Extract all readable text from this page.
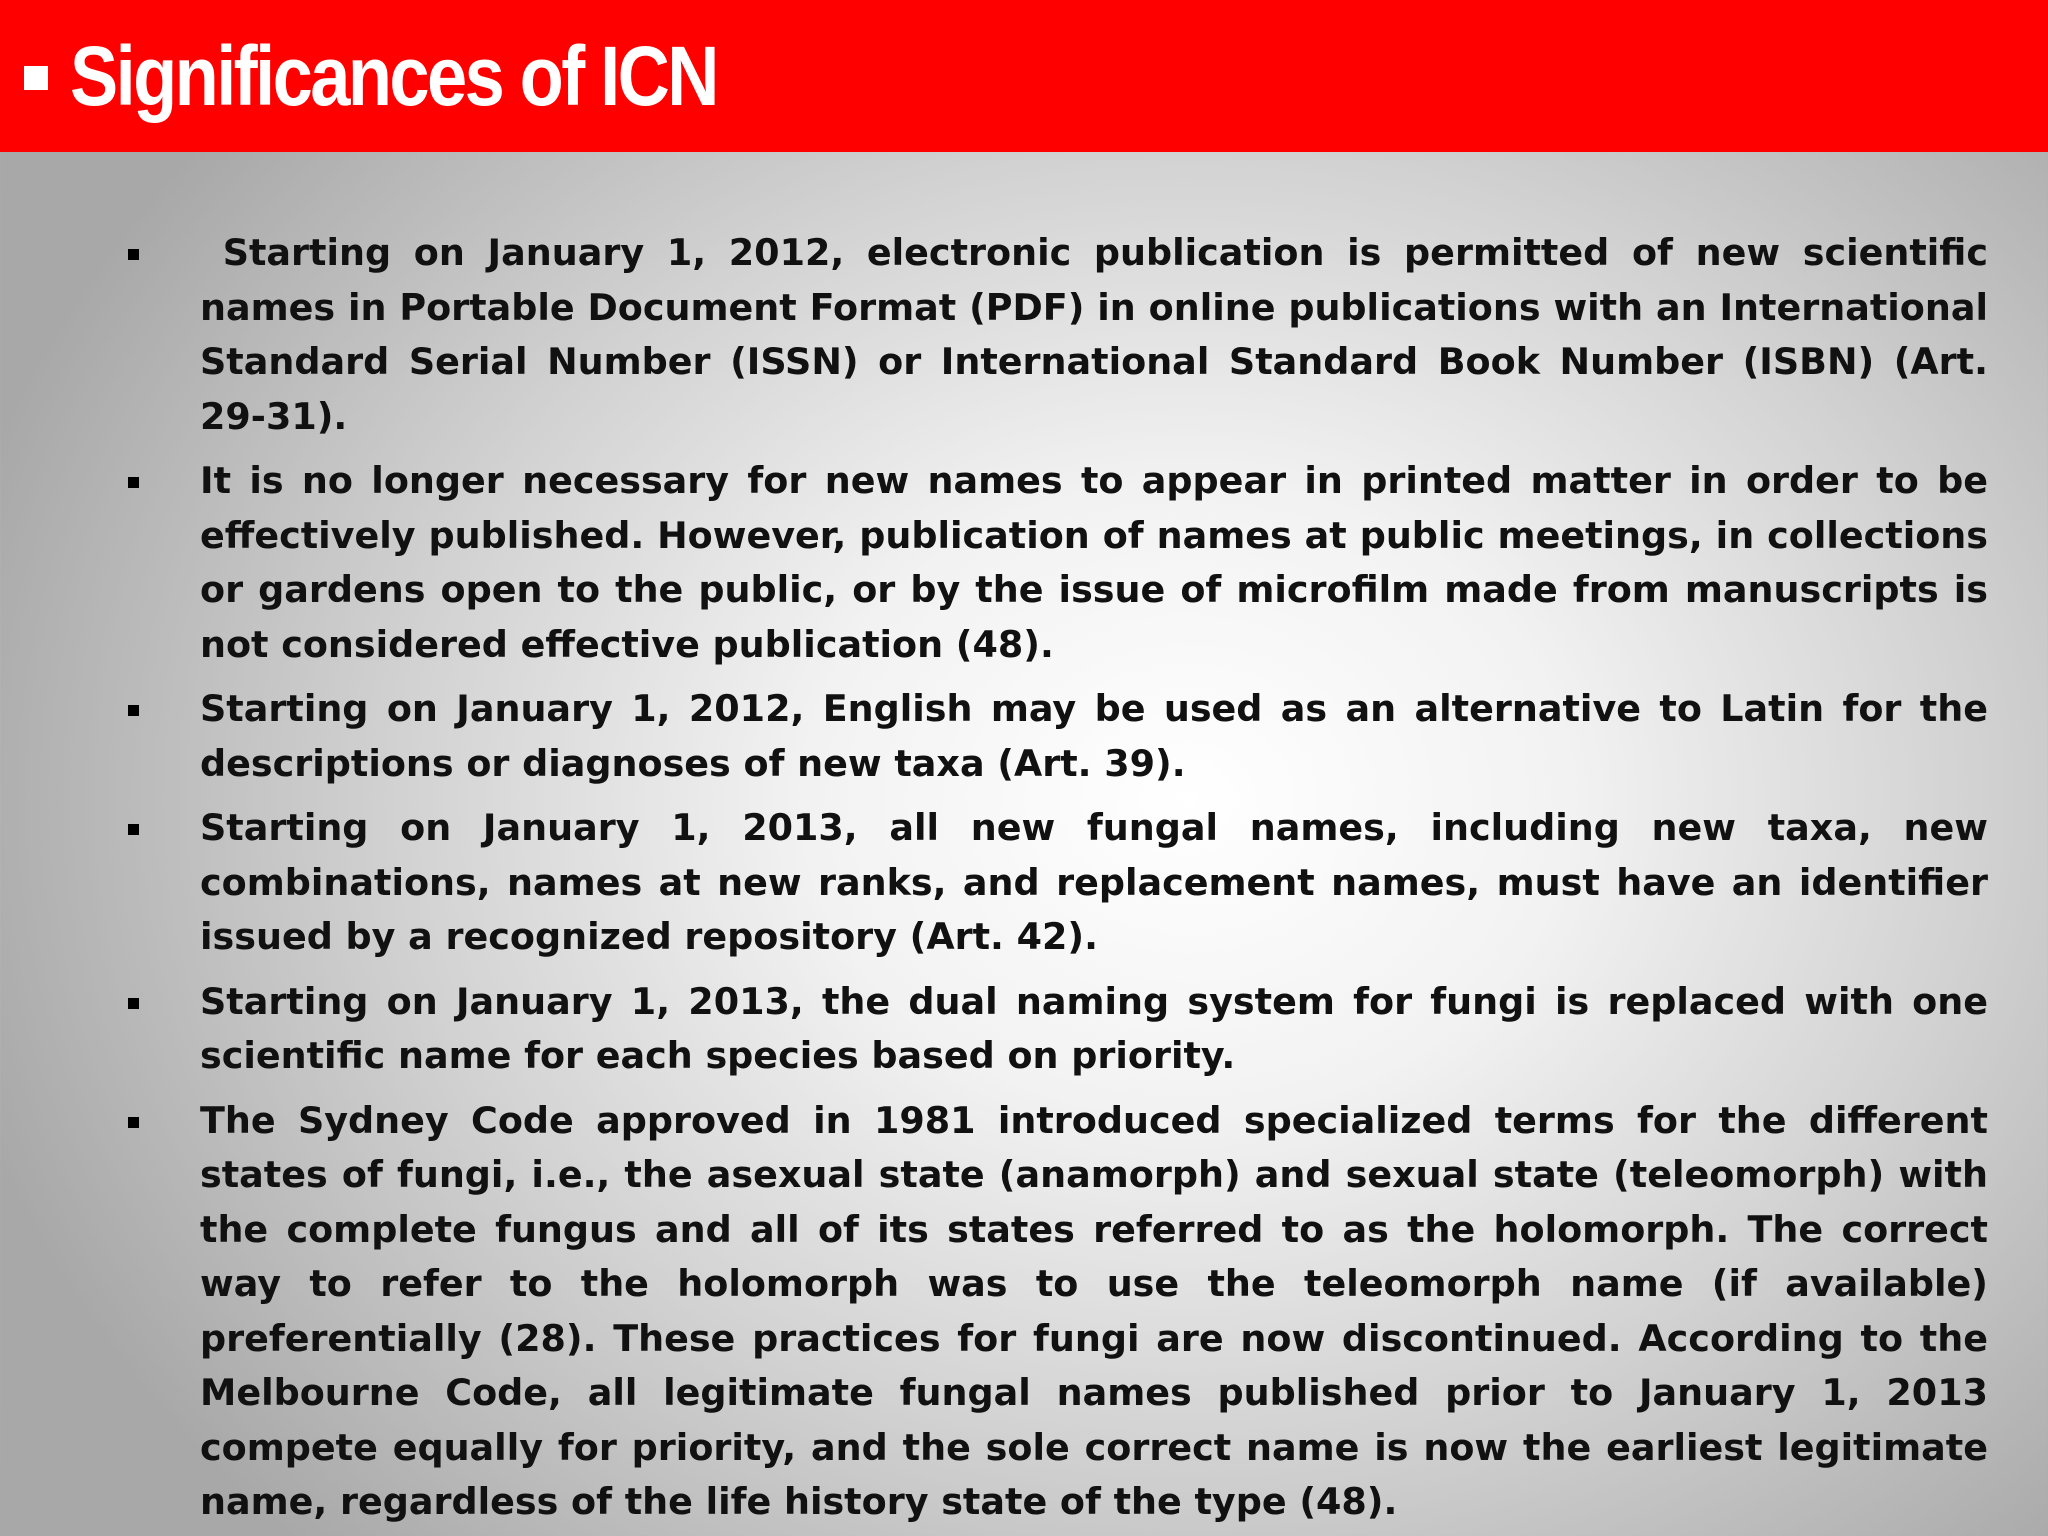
Significances of ICN
Starting on January 1, 2012, electronic publication is permitted of new scientific names in Portable Document Format (PDF) in online publications with an International Standard Serial Number (ISSN) or International Standard Book Number (ISBN) (Art. 29-31).
It is no longer necessary for new names to appear in printed matter in order to be effectively published. However, publication of names at public meetings, in collections or gardens open to the public, or by the issue of microfilm made from manuscripts is not considered effective publication (48).
Starting on January 1, 2012, English may be used as an alternative to Latin for the descriptions or diagnoses of new taxa (Art. 39).
Starting on January 1, 2013, all new fungal names, including new taxa, new combinations, names at new ranks, and replacement names, must have an identifier issued by a recognized repository (Art. 42).
Starting on January 1, 2013, the dual naming system for fungi is replaced with one scientific name for each species based on priority.
The Sydney Code approved in 1981 introduced specialized terms for the different states of fungi, i.e., the asexual state (anamorph) and sexual state (teleomorph) with the complete fungus and all of its states referred to as the holomorph. The correct way to refer to the holomorph was to use the teleomorph name (if available) preferentially (28). These practices for fungi are now discontinued. According to the Melbourne Code, all legitimate fungal names published prior to January 1, 2013 compete equally for priority, and the sole correct name is now the earliest legitimate name, regardless of the life history state of the type (48).
